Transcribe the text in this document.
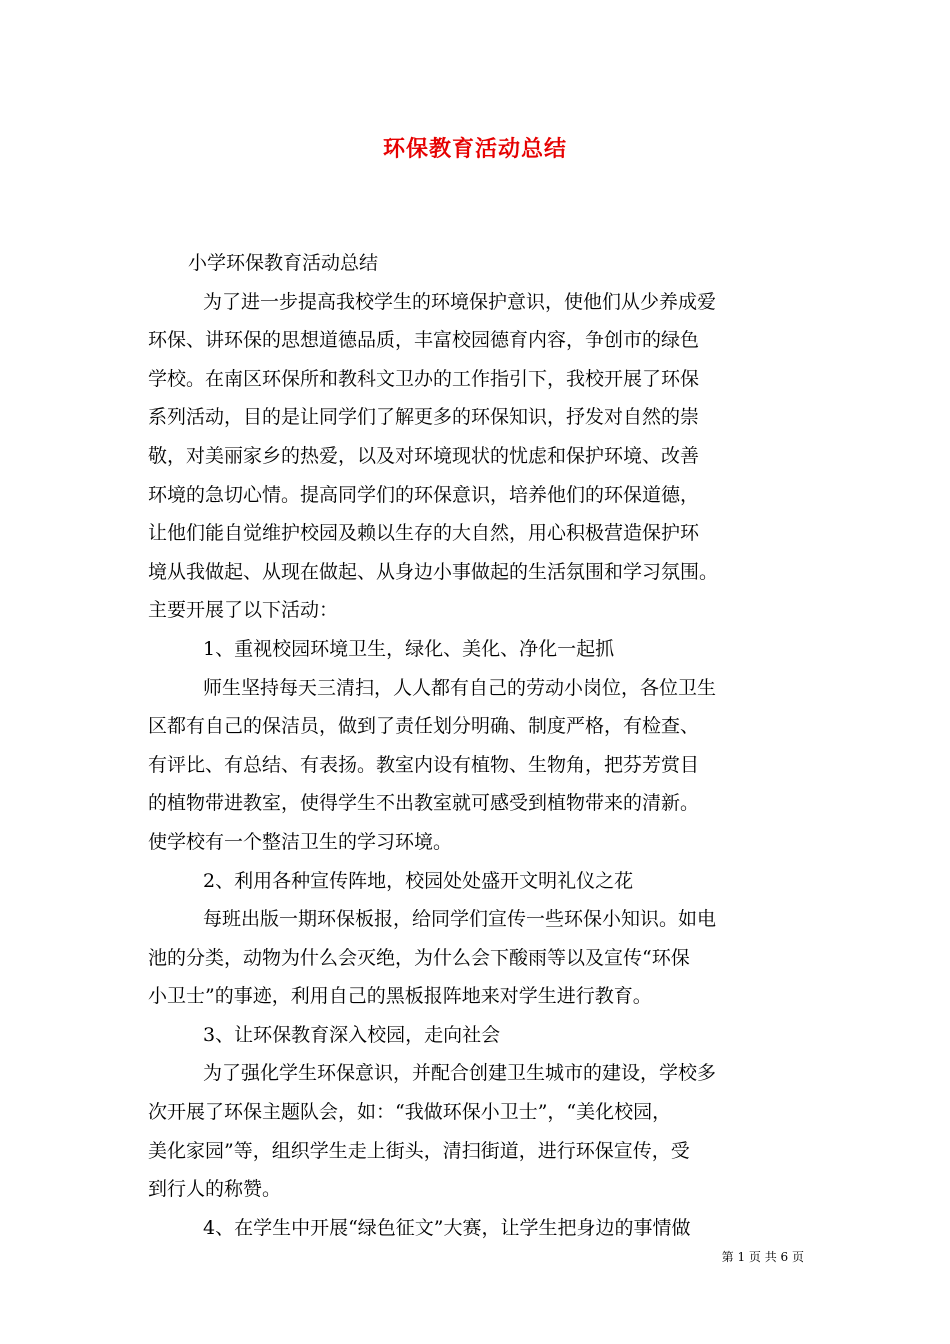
环保教育活动总结

小学环保教育活动总结

为了进一步提高我校学生的环境保护意识，使他们从少养成爱

环保、讲环保的思想道德品质，丰富校园德育内容，争创市的绿色

学校。在南区环保所和教科文卫办的工作指引下，我校开展了环保

系列活动，目的是让同学们了解更多的环保知识，抒发对自然的崇

敬，对美丽家乡的热爱，以及对环境现状的忧虑和保护环境、改善

环境的急切心情。提高同学们的环保意识，培养他们的环保道德，

让他们能自觉维护校园及赖以生存的大自然，用心积极营造保护环

境从我做起、从现在做起、从身边小事做起的生活氛围和学习氛围。

主要开展了以下活动：

1、重视校园环境卫生，绿化、美化、净化一起抓

师生坚持每天三清扫，人人都有自己的劳动小岗位，各位卫生

区都有自己的保洁员，做到了责任划分明确、制度严格，有检查、

有评比、有总结、有表扬。教室内设有植物、生物角，把芬芳赏目

的植物带进教室，使得学生不出教室就可感受到植物带来的清新。

使学校有一个整洁卫生的学习环境。

2、利用各种宣传阵地，校园处处盛开文明礼仪之花

每班出版一期环保板报，给同学们宣传一些环保小知识。如电

池的分类，动物为什么会灭绝，为什么会下酸雨等以及宣传“环保

小卫士”的事迹，利用自己的黑板报阵地来对学生进行教育。

3、让环保教育深入校园，走向社会

为了强化学生环保意识，并配合创建卫生城市的建设，学校多

次开展了环保主题队会，如：“我做环保小卫士”，“美化校园，

美化家园”等，组织学生走上街头，清扫街道，进行环保宣传，受

到行人的称赞。

4、在学生中开展“绿色征文”大赛，让学生把身边的事情做

第 1 页 共 6 页
